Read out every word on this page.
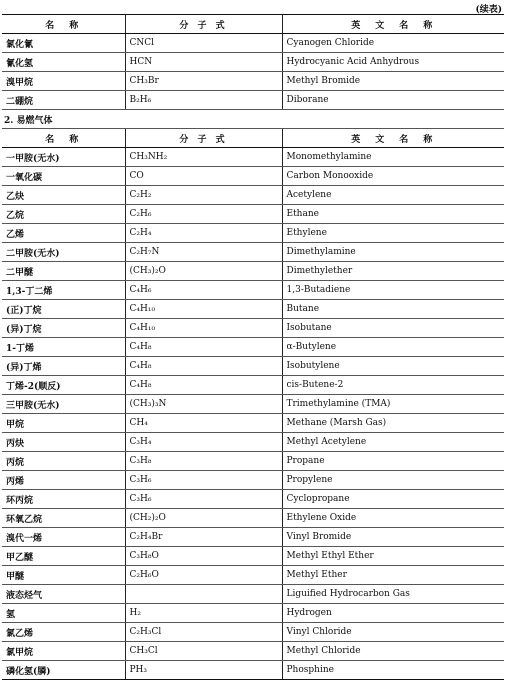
(续表)
名　称	分 子 式	英　文　名　称
氯化氰	CNCl	Cyanogen Chloride
氰化氢	HCN	Hydrocyanic Acid Anhydrous
溴甲烷	CH₃Br	Methyl Bromide
二硼烷	B₂H₆	Diborane
2. 易燃气体		
名　称	分 子 式	英　文　名　称
一甲胺(无水)	CH₃NH₂	Monomethylamine
一氧化碳	CO	Carbon Monooxide
乙炔	C₂H₂	Acetylene
乙烷	C₂H₆	Ethane
乙烯	C₂H₄	Ethylene
二甲胺(无水)	C₂H₇N	Dimethylamine
二甲醚	(CH₃)₂O	Dimethylether
1,3-丁二烯	C₄H₆	1,3-Butadiene
(正)丁烷	C₄H₁₀	Butane
(异)丁烷	C₄H₁₀	Isobutane
1-丁烯	C₄H₈	α-Butylene
(异)丁烯	C₄H₈	Isobutylene
丁烯-2(顺反)	C₄H₈	cis-Butene-2
三甲胺(无水)	(CH₃)₃N	Trimethylamine (TMA)
甲烷	CH₄	Methane (Marsh Gas)
丙炔	C₃H₄	Methyl Acetylene
丙烷	C₃H₈	Propane
丙烯	C₃H₆	Propylene
环丙烷	C₃H₆	Cyclopropane
环氧乙烷	(CH₂)₂O	Ethylene Oxide
溴代一烯	C₂H₄Br	Vinyl Bromide
甲乙醚	C₃H₈O	Methyl Ethyl Ether
甲醚	C₂H₆O	Methyl Ether
液态烃气		Liguified Hydrocarbon Gas
氢	H₂	Hydrogen
氯乙烯	C₂H₃Cl	Vinyl Chloride
氯甲烷	CH₃Cl	Methyl Chloride
磷化氢(膦)	PH₃	Phosphine
